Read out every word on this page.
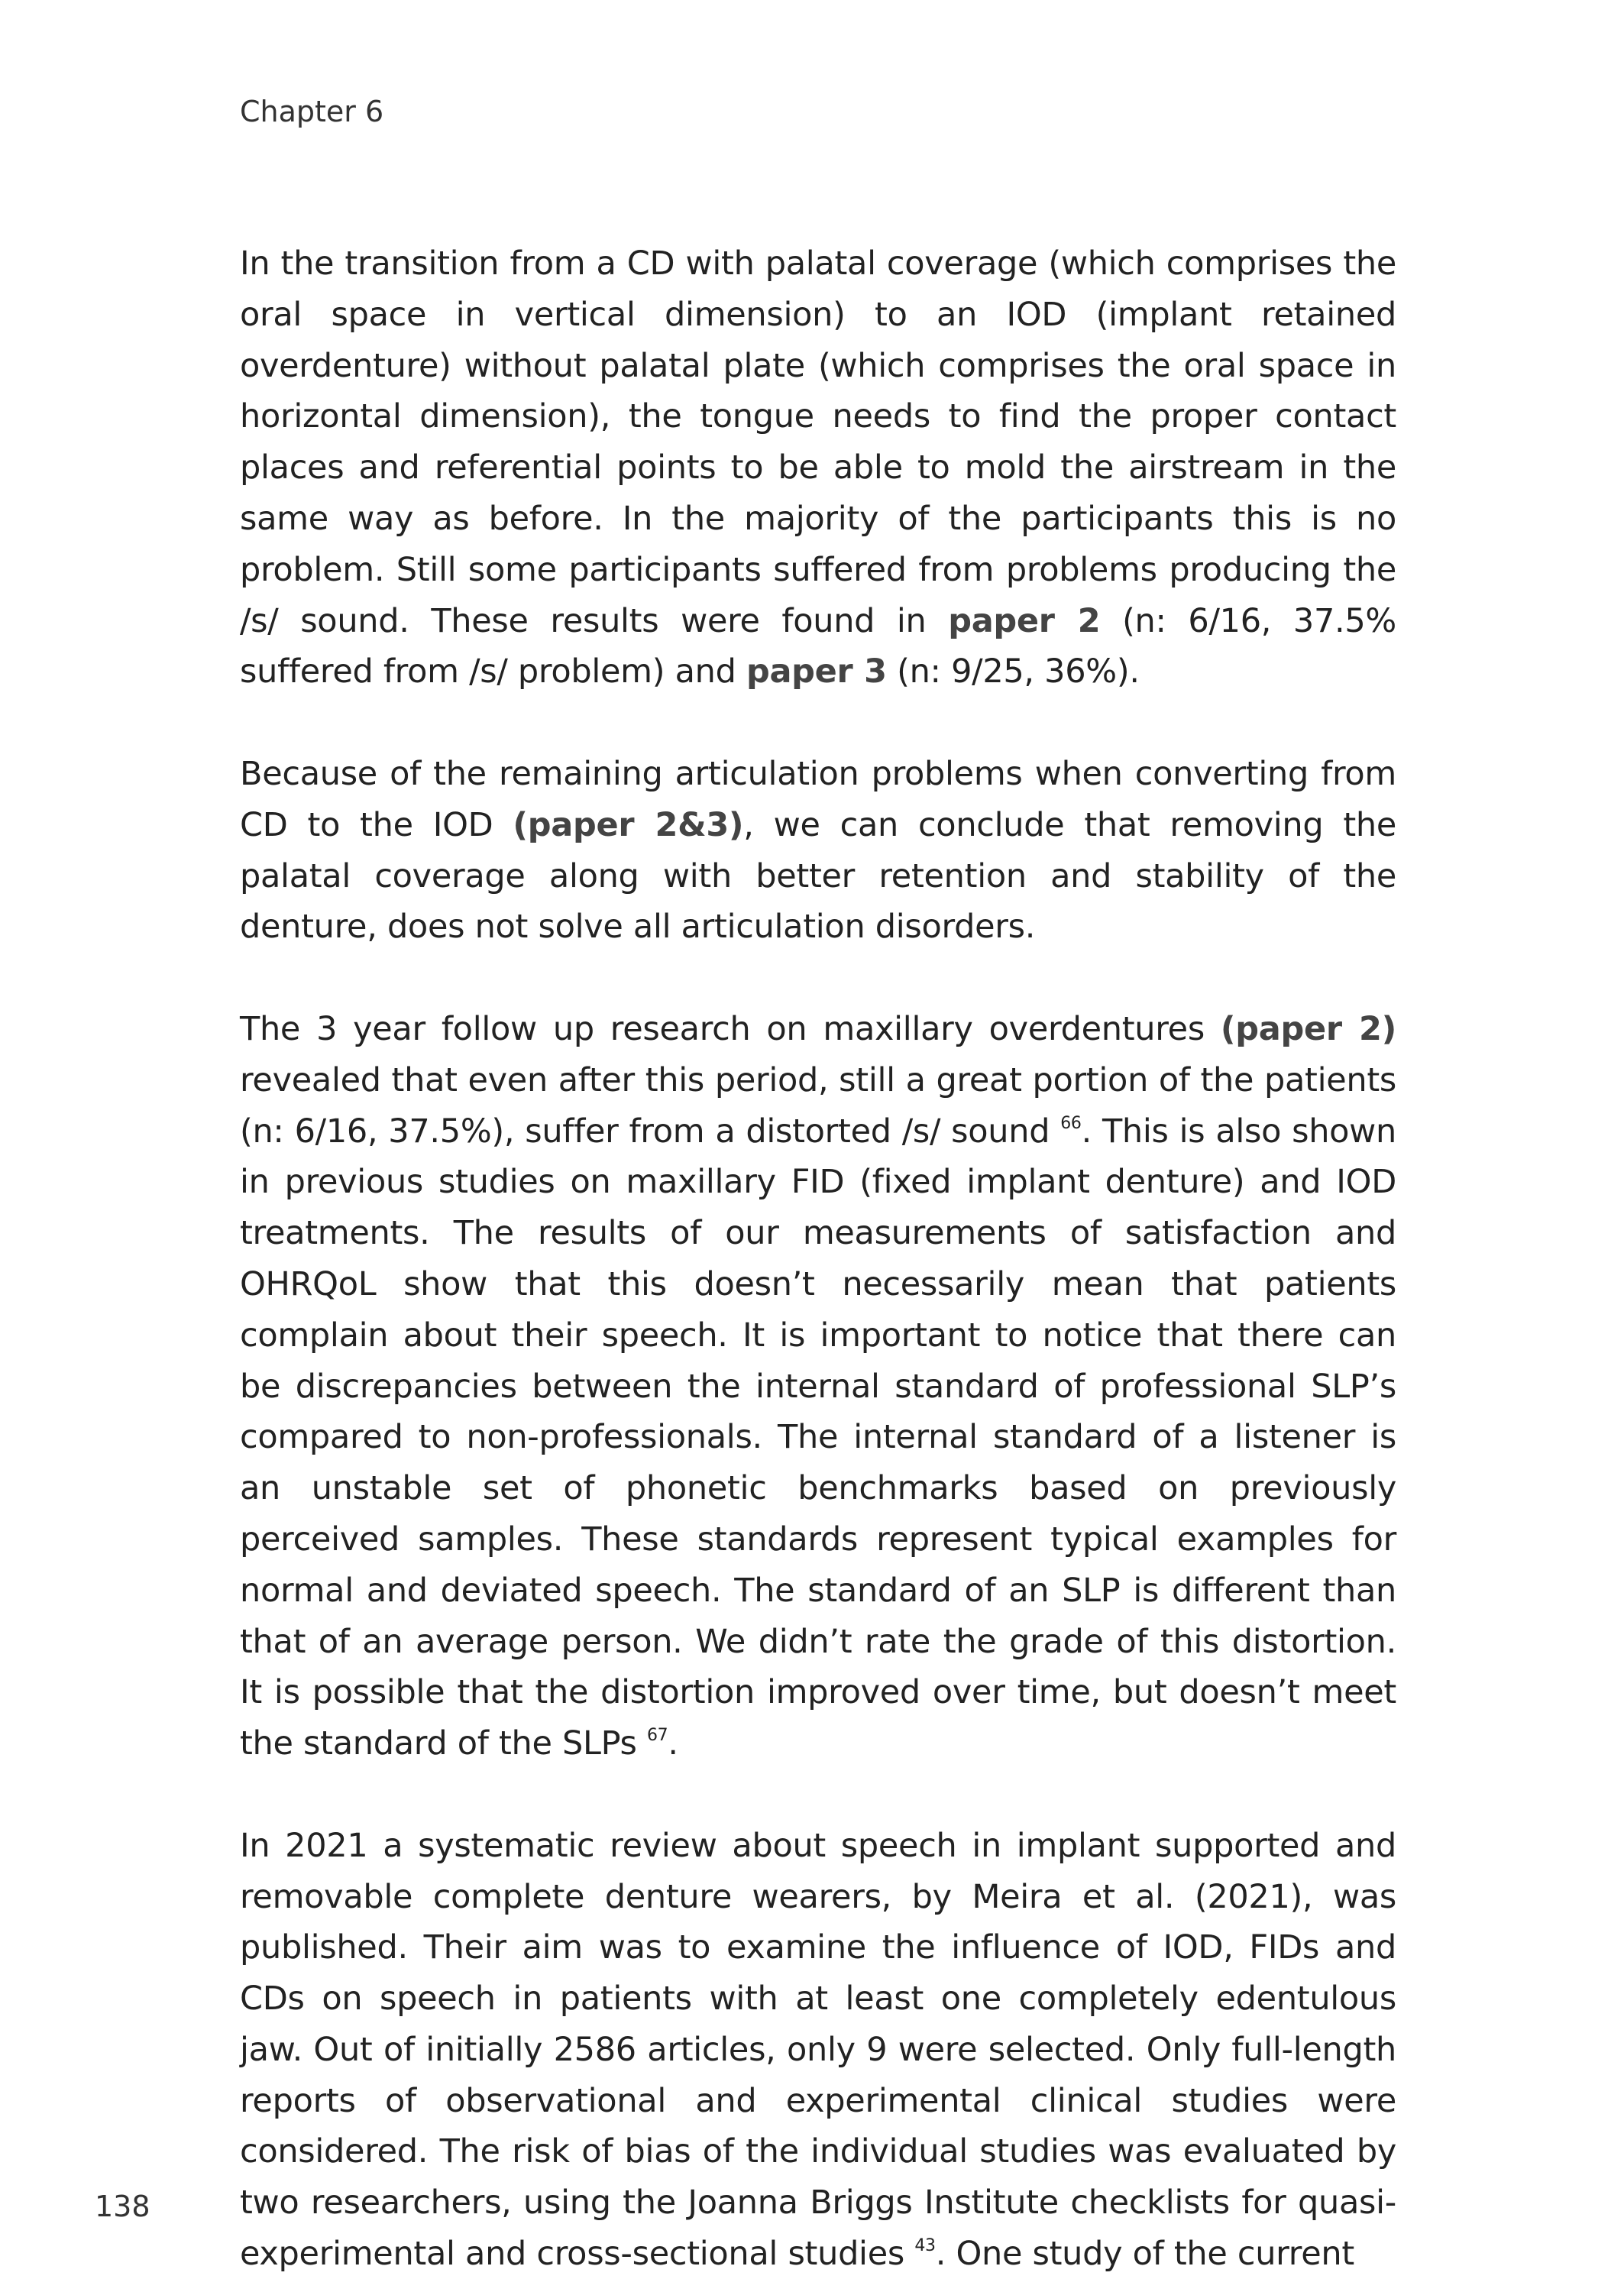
Chapter 6

In the transition from a CD with palatal coverage (which comprises the oral space in vertical dimension) to an IOD (implant retained overdenture) without palatal plate (which comprises the oral space in horizontal dimension), the tongue needs to find the proper contact places and referential points to be able to mold the airstream in the same way as before. In the majority of the participants this is no problem. Still some participants suffered from problems producing the /s/ sound. These results were found in paper 2 (n: 6/16, 37.5% suffered from /s/ problem) and paper 3 (n: 9/25, 36%).

Because of the remaining articulation problems when converting from CD to the IOD (paper 2&3), we can conclude that removing the palatal coverage along with better retention and stability of the denture, does not solve all articulation disorders.

The 3 year follow up research on maxillary overdentures (paper 2) revealed that even after this period, still a great portion of the patients (n: 6/16, 37.5%), suffer from a distorted /s/ sound $^{66}$. This is also shown in previous studies on maxillary FID (fixed implant denture) and IOD treatments. The results of our measurements of satisfaction and OHRQoL show that this doesn’t necessarily mean that patients complain about their speech. It is important to notice that there can be discrepancies between the internal standard of professional SLP’s compared to non-professionals. The internal standard of a listener is an unstable set of phonetic benchmarks based on previously perceived samples. These standards represent typical examples for normal and deviated speech. The standard of an SLP is different than that of an average person. We didn’t rate the grade of this distortion. It is possible that the distortion improved over time, but doesn’t meet the standard of the SLPs $^{67}$.

In 2021 a systematic review about speech in implant supported and removable complete denture wearers, by Meira et al. (2021), was published. Their aim was to examine the influence of IOD, FIDs and CDs on speech in patients with at least one completely edentulous jaw. Out of initially 2586 articles, only 9 were selected. Only full-length reports of observational and experimental clinical studies were considered. The risk of bias of the individual studies was evaluated by two researchers, using the Joanna Briggs Institute checklists for quasi-experimental and cross-sectional studies $^{43}$. One study of the current

138
